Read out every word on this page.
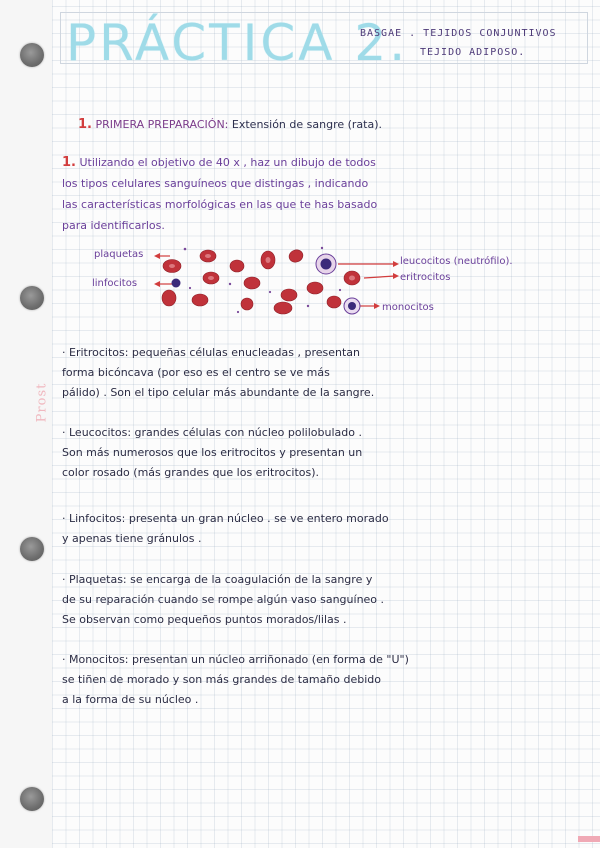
Prost
PRÁCTICA 2.
BASGAE . TEJIDOS CONJUNTIVOS
TEJIDO ADIPOSO.
1. PRIMERA PREPARACIÓN: Extensión de sangre (rata).
1. Utilizando el objetivo de 40 x , haz un dibujo de todos
los tipos celulares sanguíneos que distingas , indicando
las características morfológicas en las que te has basado
para identificarlos.
plaquetas
linfocitos
leucocitos (neutrófilo).
eritrocitos
monocitos
· Eritrocitos: pequeñas células enucleadas , presentan
forma bicóncava (por eso es el centro se ve más
pálido) . Son el tipo celular más abundante de la sangre.
· Leucocitos: grandes células con núcleo polilobulado .
Son más numerosos que los eritrocitos y presentan un
color rosado (más grandes que los eritrocitos).
· Linfocitos: presenta un gran núcleo . se ve entero morado
y apenas tiene gránulos .
· Plaquetas: se encarga de la coagulación de la sangre y
de su reparación cuando se rompe algún vaso sanguíneo .
Se observan como pequeños puntos morados/lilas .
· Monocitos: presentan un núcleo arriñonado (en forma de "U")
se tiñen de morado y son más grandes de tamaño debido
a la forma de su núcleo .
